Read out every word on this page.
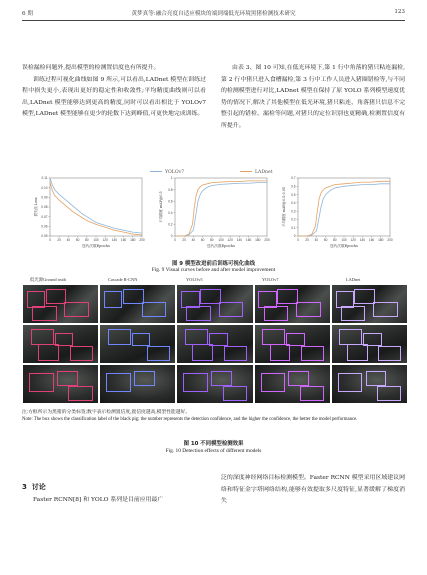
6 期	黄梦真等:融合亮度自适应模块的端到端低光环境黑猪检测技术研究	123

误检漏检问题外,提出模型的检测置信度也有所提升。

训练过程可视化曲线如图 9 所示,可以看出,LADnet 模型在训练过程中损失更小,表现出更好的稳定性和收敛性;平均精度曲线则可以看出,LADnet 模型能够达到更高的精度,同时可以看出相比于 YOLOv7 模型,LADnet 模型能够在更少的轮数下达到峰值,可更快地完成训练。

由表 3、图 10 可知,在低光环境下,第 1 行中角落的猪只粘连漏检,第 2 行中猪只进入食槽漏检,第 3 行中工作人员进入猪圈错检等,与不同的检测模型进行对比,LADnet 模型在保持了原 YOLO 系列模型速度优势的情况下,解决了其他模型在低光环境,猪只粘连、角落猪只信息不完整引起的错检、漏检等问题,对猪只的定位识别也更精确,检测置信度有所提升。

YOLOv7	LADnet
0.05
0.06
0.07
0.08
0.09
0.10
0.11
0 20 40 60 80 100 120 140 160 180 200
迭代次数Epochs
损失值 Loss
0
0.2
0.4
0.6
0.8
1
0 20 40 60 80 100 120 140 160 180 200
迭代次数Epochs
平均精度 mAP@0.5
0
0.1
0.2
0.3
0.4
0.5
0.6
0.7
0 20 40 60 80 100 120 140 160 180 200
迭代次数Epochs
平均精度 mAP@0.5:0.95
图 9 模型改进前后训练可视化曲线
Fig. 9 Visual curves before and after model improvement
低光源Ground truth	Cascade R-CNN	YOLOv5	YOLOv7	LADnet
注:方框所示为黑猪的分类标签;数字表示检测置信度,置信度越高,模型性能越好。
Note: The box shows the classification label of the black pig; the number represents the detection confidence, and the higher the confidence, the better the model performance.
图 10 不同模型检测效果
Fig. 10 Detection effects of different models
3 讨论

Faster RCNN[8] 和 YOLO 系列是目前应用最广

泛的深度神经网络目标检测模型。Faster RCNN 模型采用区域建议网络和特征金字塔网络结构,能够有效提取多尺度特征,显著缓解了梯度消失
